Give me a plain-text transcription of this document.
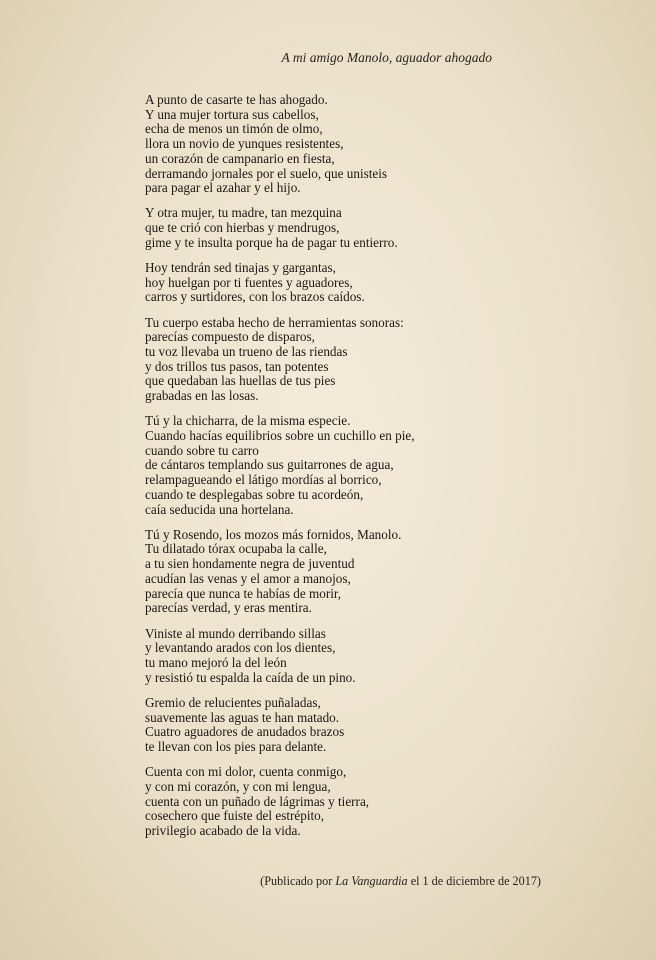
A mi amigo Manolo, aguador ahogado
A punto de casarte te has ahogado.
Y una mujer tortura sus cabellos,
echa de menos un timón de olmo,
llora un novio de yunques resistentes,
un corazón de campanario en fiesta,
derramando jornales por el suelo, que unisteis
para pagar el azahar y el hijo.
Y otra mujer, tu madre, tan mezquina
que te crió con hierbas y mendrugos,
gime y te insulta porque ha de pagar tu entierro.
Hoy tendrán sed tinajas y gargantas,
hoy huelgan por ti fuentes y aguadores,
carros y surtidores, con los brazos caídos.
Tu cuerpo estaba hecho de herramientas sonoras:
parecías compuesto de disparos,
tu voz llevaba un trueno de las riendas
y dos trillos tus pasos, tan potentes
que quedaban las huellas de tus pies
grabadas en las losas.
Tú y la chicharra, de la misma especie.
Cuando hacías equilibrios sobre un cuchillo en pie,
cuando sobre tu carro
de cántaros templando sus guitarrones de agua,
relampagueando el látigo mordías al borrico,
cuando te desplegabas sobre tu acordeón,
caía seducida una hortelana.
Tú y Rosendo, los mozos más fornidos, Manolo.
Tu dilatado tórax ocupaba la calle,
a tu sien hondamente negra de juventud
acudían las venas y el amor a manojos,
parecía que nunca te habías de morir,
parecías verdad, y eras mentira.
Viniste al mundo derribando sillas
y levantando arados con los dientes,
tu mano mejoró la del león
y resistió tu espalda la caída de un pino.
Gremio de relucientes puñaladas,
suavemente las aguas te han matado.
Cuatro aguadores de anudados brazos
te llevan con los pies para delante.
Cuenta con mi dolor, cuenta conmigo,
y con mi corazón, y con mi lengua,
cuenta con un puñado de lágrimas y tierra,
cosechero que fuiste del estrépito,
privilegio acabado de la vida.
(Publicado por La Vanguardia el 1 de diciembre de 2017)
